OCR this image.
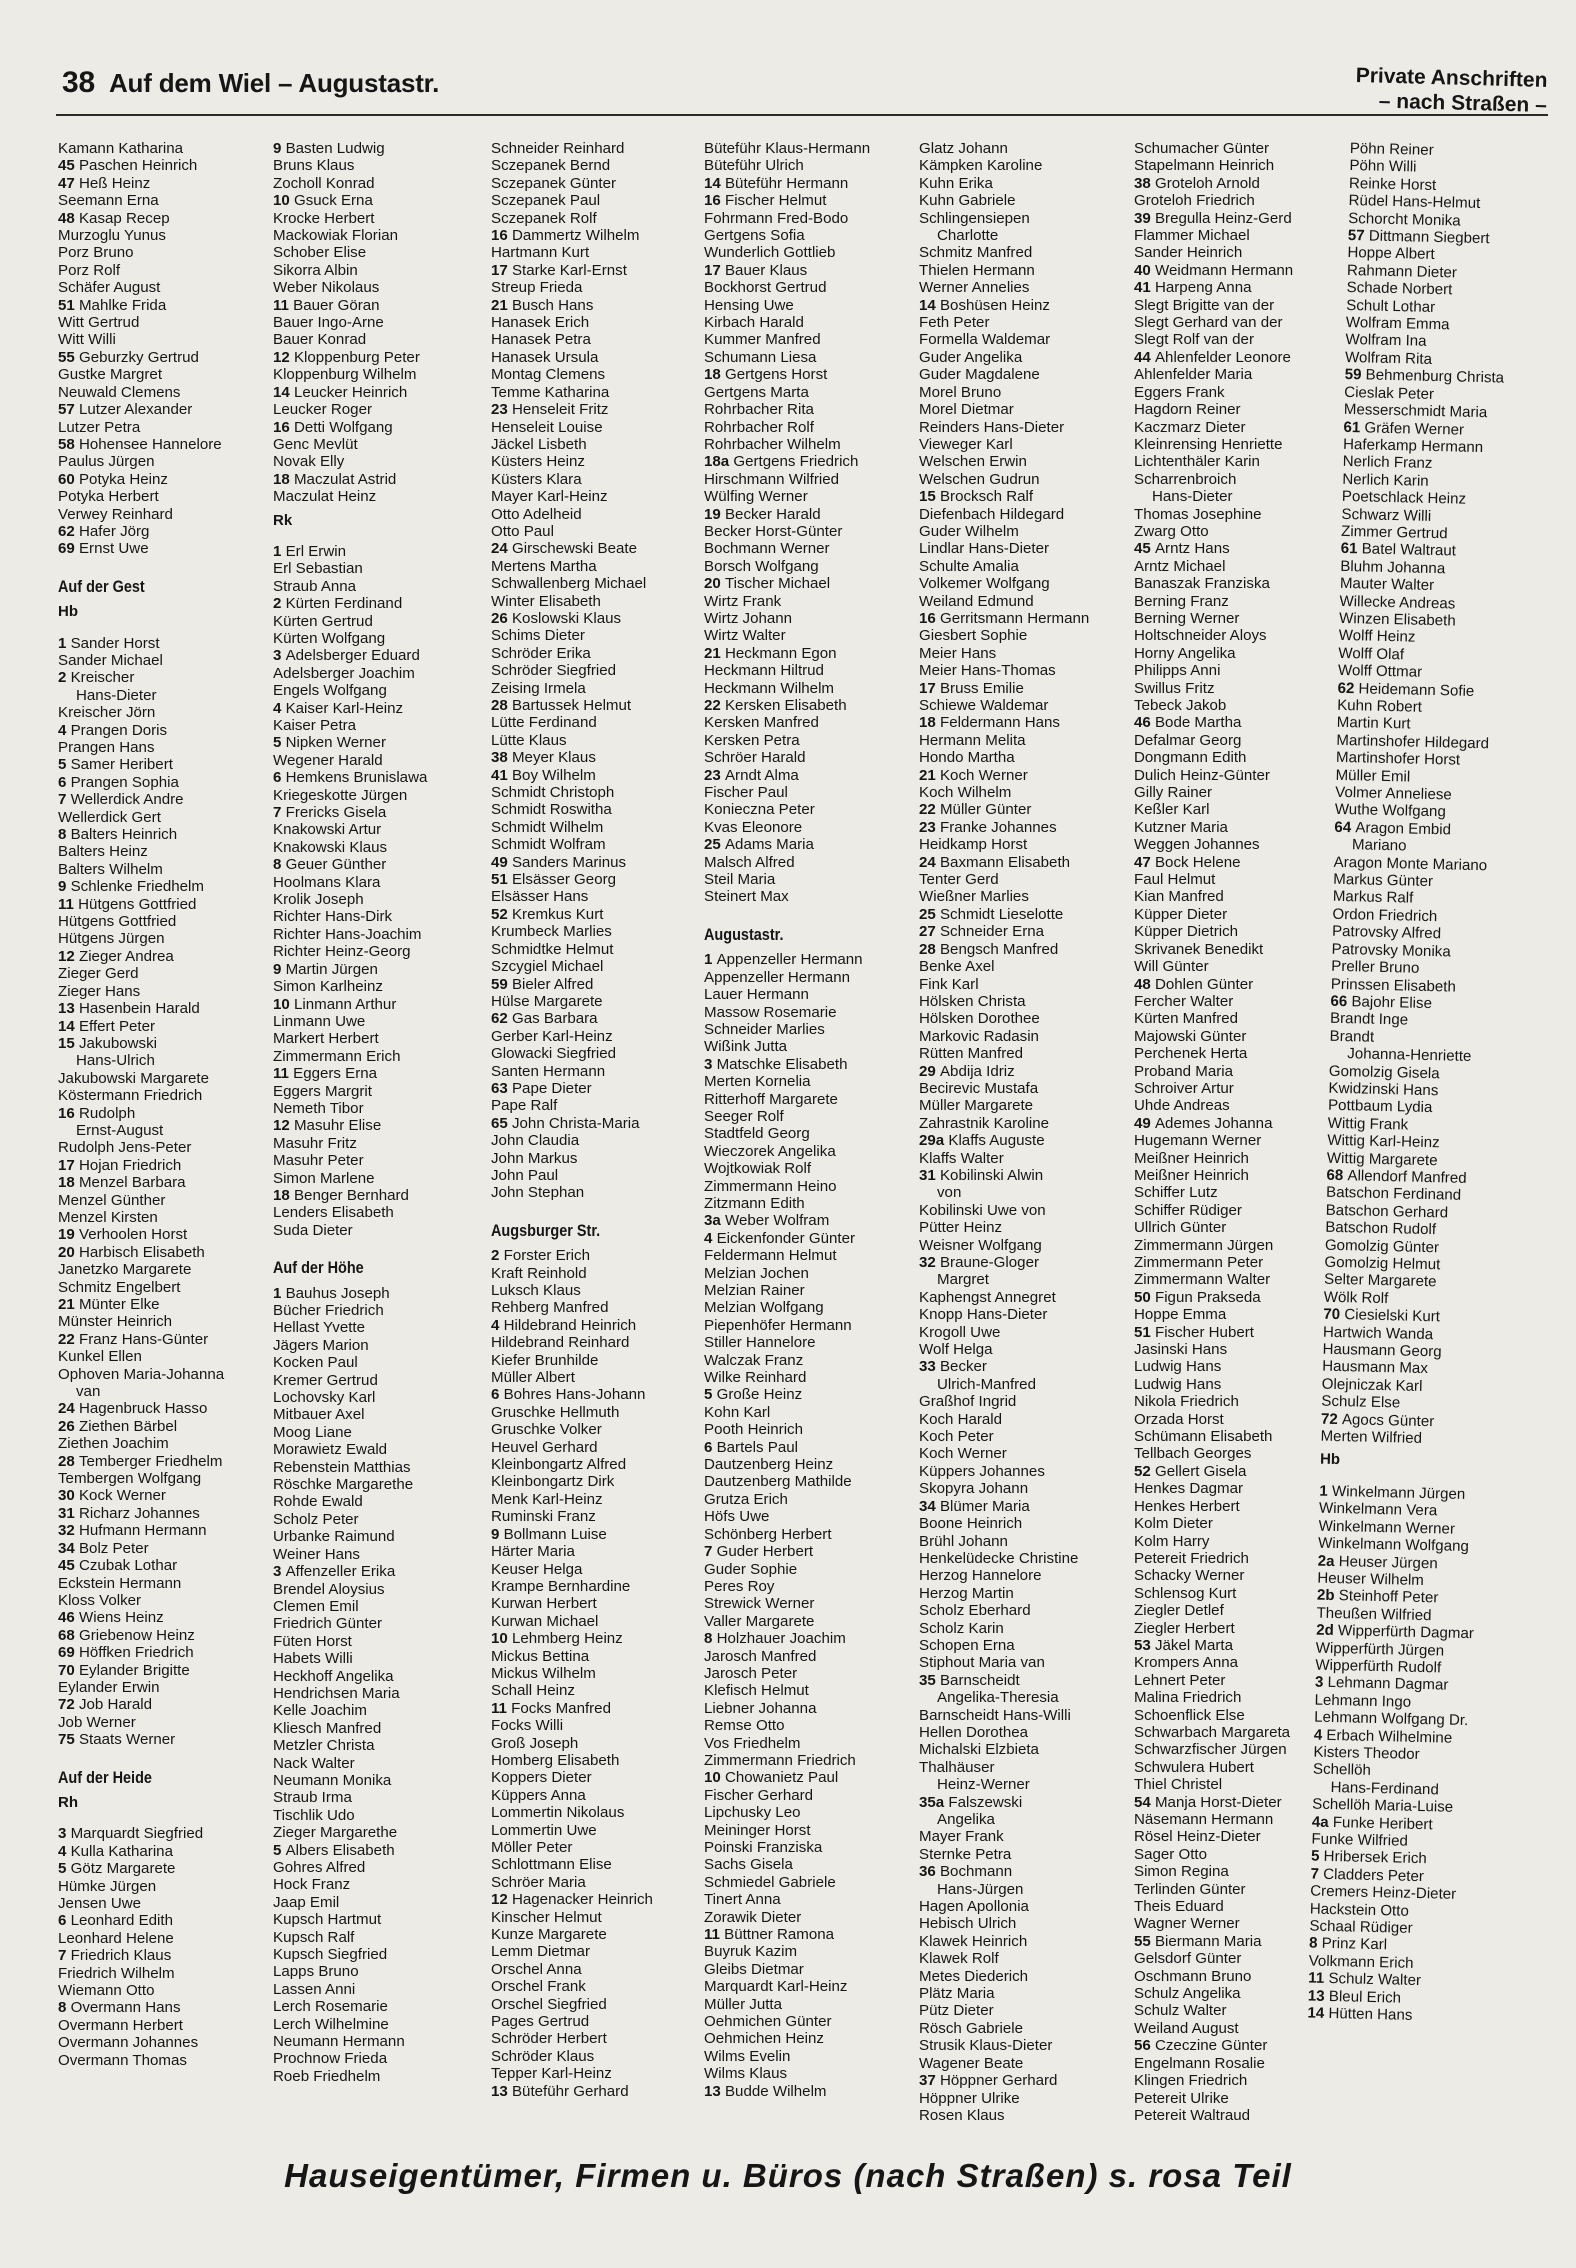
38 Auf dem Wiel – Augustastr.	Private Anschriften
– nach Straßen –
Kamann Katharina
45 Paschen Heinrich
47 Heß Heinz
Seemann Erna
48 Kasap Recep
Murzoglu Yunus
Porz Bruno
Porz Rolf
Schäfer August
51 Mahlke Frida
Witt Gertrud
Witt Willi
55 Geburzky Gertrud
Gustke Margret
Neuwald Clemens
57 Lutzer Alexander
Lutzer Petra
58 Hohensee Hannelore
Paulus Jürgen
60 Potyka Heinz
Potyka Herbert
Verwey Reinhard
62 Hafer Jörg
69 Ernst Uwe
Auf der Gest
Hb
1 Sander Horst
Sander Michael
2 Kreischer
Hans-Dieter
Kreischer Jörn
4 Prangen Doris
Prangen Hans
5 Samer Heribert
6 Prangen Sophia
7 Wellerdick Andre
Wellerdick Gert
8 Balters Heinrich
Balters Heinz
Balters Wilhelm
9 Schlenke Friedhelm
11 Hütgens Gottfried
Hütgens Gottfried
Hütgens Jürgen
12 Zieger Andrea
Zieger Gerd
Zieger Hans
13 Hasenbein Harald
14 Effert Peter
15 Jakubowski
Hans-Ulrich
Jakubowski Margarete
Köstermann Friedrich
16 Rudolph
Ernst-August
Rudolph Jens-Peter
17 Hojan Friedrich
18 Menzel Barbara
Menzel Günther
Menzel Kirsten
19 Verhoolen Horst
20 Harbisch Elisabeth
Janetzko Margarete
Schmitz Engelbert
21 Münter Elke
Münster Heinrich
22 Franz Hans-Günter
Kunkel Ellen
Ophoven Maria-Johanna
van
24 Hagenbruck Hasso
26 Ziethen Bärbel
Ziethen Joachim
28 Temberger Friedhelm
Tembergen Wolfgang
30 Kock Werner
31 Richarz Johannes
32 Hufmann Hermann
34 Bolz Peter
45 Czubak Lothar
Eckstein Hermann
Kloss Volker
46 Wiens Heinz
68 Griebenow Heinz
69 Höffken Friedrich
70 Eylander Brigitte
Eylander Erwin
72 Job Harald
Job Werner
75 Staats Werner
Auf der Heide
Rh
3 Marquardt Siegfried
4 Kulla Katharina
5 Götz Margarete
Hümke Jürgen
Jensen Uwe
6 Leonhard Edith
Leonhard Helene
7 Friedrich Klaus
Friedrich Wilhelm
Wiemann Otto
8 Overmann Hans
Overmann Herbert
Overmann Johannes
Overmann Thomas
9 Basten Ludwig
Bruns Klaus
Zocholl Konrad
10 Gsuck Erna
Krocke Herbert
Mackowiak Florian
Schober Elise
Sikorra Albin
Weber Nikolaus
11 Bauer Göran
Bauer Ingo-Arne
Bauer Konrad
12 Kloppenburg Peter
Kloppenburg Wilhelm
14 Leucker Heinrich
Leucker Roger
16 Detti Wolfgang
Genc Mevlüt
Novak Elly
18 Maczulat Astrid
Maczulat Heinz
Rk
1 Erl Erwin
Erl Sebastian
Straub Anna
2 Kürten Ferdinand
Kürten Gertrud
Kürten Wolfgang
3 Adelsberger Eduard
Adelsberger Joachim
Engels Wolfgang
4 Kaiser Karl-Heinz
Kaiser Petra
5 Nipken Werner
Wegener Harald
6 Hemkens Brunislawa
Kriegeskotte Jürgen
7 Frericks Gisela
Knakowski Artur
Knakowski Klaus
8 Geuer Günther
Hoolmans Klara
Krolik Joseph
Richter Hans-Dirk
Richter Hans-Joachim
Richter Heinz-Georg
9 Martin Jürgen
Simon Karlheinz
10 Linmann Arthur
Linmann Uwe
Markert Herbert
Zimmermann Erich
11 Eggers Erna
Eggers Margrit
Nemeth Tibor
12 Masuhr Elise
Masuhr Fritz
Masuhr Peter
Simon Marlene
18 Benger Bernhard
Lenders Elisabeth
Suda Dieter
Auf der Höhe
1 Bauhus Joseph
Bücher Friedrich
Hellast Yvette
Jägers Marion
Kocken Paul
Kremer Gertrud
Lochovsky Karl
Mitbauer Axel
Moog Liane
Morawietz Ewald
Rebenstein Matthias
Röschke Margarethe
Rohde Ewald
Scholz Peter
Urbanke Raimund
Weiner Hans
3 Affenzeller Erika
Brendel Aloysius
Clemen Emil
Friedrich Günter
Füten Horst
Habets Willi
Heckhoff Angelika
Hendrichsen Maria
Kelle Joachim
Kliesch Manfred
Metzler Christa
Nack Walter
Neumann Monika
Straub Irma
Tischlik Udo
Zieger Margarethe
5 Albers Elisabeth
Gohres Alfred
Hock Franz
Jaap Emil
Kupsch Hartmut
Kupsch Ralf
Kupsch Siegfried
Lapps Bruno
Lassen Anni
Lerch Rosemarie
Lerch Wilhelmine
Neumann Hermann
Prochnow Frieda
Roeb Friedhelm
Schneider Reinhard
Sczepanek Bernd
Sczepanek Günter
Sczepanek Paul
Sczepanek Rolf
16 Dammertz Wilhelm
Hartmann Kurt
17 Starke Karl-Ernst
Streup Frieda
21 Busch Hans
Hanasek Erich
Hanasek Petra
Hanasek Ursula
Montag Clemens
Temme Katharina
23 Henseleit Fritz
Henseleit Louise
Jäckel Lisbeth
Küsters Heinz
Küsters Klara
Mayer Karl-Heinz
Otto Adelheid
Otto Paul
24 Girschewski Beate
Mertens Martha
Schwallenberg Michael
Winter Elisabeth
26 Koslowski Klaus
Schims Dieter
Schröder Erika
Schröder Siegfried
Zeising Irmela
28 Bartussek Helmut
Lütte Ferdinand
Lütte Klaus
38 Meyer Klaus
41 Boy Wilhelm
Schmidt Christoph
Schmidt Roswitha
Schmidt Wilhelm
Schmidt Wolfram
49 Sanders Marinus
51 Elsässer Georg
Elsässer Hans
52 Kremkus Kurt
Krumbeck Marlies
Schmidtke Helmut
Szcygiel Michael
59 Bieler Alfred
Hülse Margarete
62 Gas Barbara
Gerber Karl-Heinz
Glowacki Siegfried
Santen Hermann
63 Pape Dieter
Pape Ralf
65 John Christa-Maria
John Claudia
John Markus
John Paul
John Stephan
Augsburger Str.
2 Forster Erich
Kraft Reinhold
Luksch Klaus
Rehberg Manfred
4 Hildebrand Heinrich
Hildebrand Reinhard
Kiefer Brunhilde
Müller Albert
6 Bohres Hans-Johann
Gruschke Hellmuth
Gruschke Volker
Heuvel Gerhard
Kleinbongartz Alfred
Kleinbongartz Dirk
Menk Karl-Heinz
Ruminski Franz
9 Bollmann Luise
Härter Maria
Keuser Helga
Krampe Bernhardine
Kurwan Herbert
Kurwan Michael
10 Lehmberg Heinz
Mickus Bettina
Mickus Wilhelm
Schall Heinz
11 Focks Manfred
Focks Willi
Groß Joseph
Homberg Elisabeth
Koppers Dieter
Küppers Anna
Lommertin Nikolaus
Lommertin Uwe
Möller Peter
Schlottmann Elise
Schröer Maria
12 Hagenacker Heinrich
Kinscher Helmut
Kunze Margarete
Lemm Dietmar
Orschel Anna
Orschel Frank
Orschel Siegfried
Pages Gertrud
Schröder Herbert
Schröder Klaus
Tepper Karl-Heinz
13 Büteführ Gerhard
Büteführ Klaus-Hermann
Büteführ Ulrich
14 Büteführ Hermann
16 Fischer Helmut
Fohrmann Fred-Bodo
Gertgens Sofia
Wunderlich Gottlieb
17 Bauer Klaus
Bockhorst Gertrud
Hensing Uwe
Kirbach Harald
Kummer Manfred
Schumann Liesa
18 Gertgens Horst
Gertgens Marta
Rohrbacher Rita
Rohrbacher Rolf
Rohrbacher Wilhelm
18a Gertgens Friedrich
Hirschmann Wilfried
Wülfing Werner
19 Becker Harald
Becker Horst-Günter
Bochmann Werner
Borsch Wolfgang
20 Tischer Michael
Wirtz Frank
Wirtz Johann
Wirtz Walter
21 Heckmann Egon
Heckmann Hiltrud
Heckmann Wilhelm
22 Kersken Elisabeth
Kersken Manfred
Kersken Petra
Schröer Harald
23 Arndt Alma
Fischer Paul
Konieczna Peter
Kvas Eleonore
25 Adams Maria
Malsch Alfred
Steil Maria
Steinert Max
Augustastr.
1 Appenzeller Hermann
Appenzeller Hermann
Lauer Hermann
Massow Rosemarie
Schneider Marlies
Wißink Jutta
3 Matschke Elisabeth
Merten Kornelia
Ritterhoff Margarete
Seeger Rolf
Stadtfeld Georg
Wieczorek Angelika
Wojtkowiak Rolf
Zimmermann Heino
Zitzmann Edith
3a Weber Wolfram
4 Eickenfonder Günter
Feldermann Helmut
Melzian Jochen
Melzian Rainer
Melzian Wolfgang
Piepenhöfer Hermann
Stiller Hannelore
Walczak Franz
Wilke Reinhard
5 Große Heinz
Kohn Karl
Pooth Heinrich
6 Bartels Paul
Dautzenberg Heinz
Dautzenberg Mathilde
Grutza Erich
Höfs Uwe
Schönberg Herbert
7 Guder Herbert
Guder Sophie
Peres Roy
Strewick Werner
Valler Margarete
8 Holzhauer Joachim
Jarosch Manfred
Jarosch Peter
Klefisch Helmut
Liebner Johanna
Remse Otto
Vos Friedhelm
Zimmermann Friedrich
10 Chowanietz Paul
Fischer Gerhard
Lipchusky Leo
Meininger Horst
Poinski Franziska
Sachs Gisela
Schmiedel Gabriele
Tinert Anna
Zorawik Dieter
11 Büttner Ramona
Buyruk Kazim
Gleibs Dietmar
Marquardt Karl-Heinz
Müller Jutta
Oehmichen Günter
Oehmichen Heinz
Wilms Evelin
Wilms Klaus
13 Budde Wilhelm
Glatz Johann
Kämpken Karoline
Kuhn Erika
Kuhn Gabriele
Schlingensiepen
Charlotte
Schmitz Manfred
Thielen Hermann
Werner Annelies
14 Boshüsen Heinz
Feth Peter
Formella Waldemar
Guder Angelika
Guder Magdalene
Morel Bruno
Morel Dietmar
Reinders Hans-Dieter
Vieweger Karl
Welschen Erwin
Welschen Gudrun
15 Brocksch Ralf
Diefenbach Hildegard
Guder Wilhelm
Lindlar Hans-Dieter
Schulte Amalia
Volkemer Wolfgang
Weiland Edmund
16 Gerritsmann Hermann
Giesbert Sophie
Meier Hans
Meier Hans-Thomas
17 Bruss Emilie
Schiewe Waldemar
18 Feldermann Hans
Hermann Melita
Hondo Martha
21 Koch Werner
Koch Wilhelm
22 Müller Günter
23 Franke Johannes
Heidkamp Horst
24 Baxmann Elisabeth
Tenter Gerd
Wießner Marlies
25 Schmidt Lieselotte
27 Schneider Erna
28 Bengsch Manfred
Benke Axel
Fink Karl
Hölsken Christa
Hölsken Dorothee
Markovic Radasin
Rütten Manfred
29 Abdija Idriz
Becirevic Mustafa
Müller Margarete
Zahrastnik Karoline
29a Klaffs Auguste
Klaffs Walter
31 Kobilinski Alwin
von
Kobilinski Uwe von
Pütter Heinz
Weisner Wolfgang
32 Braune-Gloger
Margret
Kaphengst Annegret
Knopp Hans-Dieter
Krogoll Uwe
Wolf Helga
33 Becker
Ulrich-Manfred
Graßhof Ingrid
Koch Harald
Koch Peter
Koch Werner
Küppers Johannes
Skopyra Johann
34 Blümer Maria
Boone Heinrich
Brühl Johann
Henkelüdecke Christine
Herzog Hannelore
Herzog Martin
Scholz Eberhard
Scholz Karin
Schopen Erna
Stiphout Maria van
35 Barnscheidt
Angelika-Theresia
Barnscheidt Hans-Willi
Hellen Dorothea
Michalski Elzbieta
Thalhäuser
Heinz-Werner
35a Falszewski
Angelika
Mayer Frank
Sternke Petra
36 Bochmann
Hans-Jürgen
Hagen Apollonia
Hebisch Ulrich
Klawek Heinrich
Klawek Rolf
Metes Diederich
Plätz Maria
Pütz Dieter
Rösch Gabriele
Strusik Klaus-Dieter
Wagener Beate
37 Höppner Gerhard
Höppner Ulrike
Rosen Klaus
Schumacher Günter
Stapelmann Heinrich
38 Groteloh Arnold
Groteloh Friedrich
39 Bregulla Heinz-Gerd
Flammer Michael
Sander Heinrich
40 Weidmann Hermann
41 Harpeng Anna
Slegt Brigitte van der
Slegt Gerhard van der
Slegt Rolf van der
44 Ahlenfelder Leonore
Ahlenfelder Maria
Eggers Frank
Hagdorn Reiner
Kaczmarz Dieter
Kleinrensing Henriette
Lichtenthäler Karin
Scharrenbroich
Hans-Dieter
Thomas Josephine
Zwarg Otto
45 Arntz Hans
Arntz Michael
Banaszak Franziska
Berning Franz
Berning Werner
Holtschneider Aloys
Horny Angelika
Philipps Anni
Swillus Fritz
Tebeck Jakob
46 Bode Martha
Defalmar Georg
Dongmann Edith
Dulich Heinz-Günter
Gilly Rainer
Keßler Karl
Kutzner Maria
Weggen Johannes
47 Bock Helene
Faul Helmut
Kian Manfred
Küpper Dieter
Küpper Dietrich
Skrivanek Benedikt
Will Günter
48 Dohlen Günter
Fercher Walter
Kürten Manfred
Majowski Günter
Perchenek Herta
Proband Maria
Schroiver Artur
Uhde Andreas
49 Ademes Johanna
Hugemann Werner
Meißner Heinrich
Meißner Heinrich
Schiffer Lutz
Schiffer Rüdiger
Ullrich Günter
Zimmermann Jürgen
Zimmermann Peter
Zimmermann Walter
50 Figun Prakseda
Hoppe Emma
51 Fischer Hubert
Jasinski Hans
Ludwig Hans
Ludwig Hans
Nikola Friedrich
Orzada Horst
Schümann Elisabeth
Tellbach Georges
52 Gellert Gisela
Henkes Dagmar
Henkes Herbert
Kolm Dieter
Kolm Harry
Petereit Friedrich
Schacky Werner
Schlensog Kurt
Ziegler Detlef
Ziegler Herbert
53 Jäkel Marta
Krompers Anna
Lehnert Peter
Malina Friedrich
Schoenflick Else
Schwarbach Margareta
Schwarzfischer Jürgen
Schwulera Hubert
Thiel Christel
54 Manja Horst-Dieter
Näsemann Hermann
Rösel Heinz-Dieter
Sager Otto
Simon Regina
Terlinden Günter
Theis Eduard
Wagner Werner
55 Biermann Maria
Gelsdorf Günter
Oschmann Bruno
Schulz Angelika
Schulz Walter
Weiland August
56 Czeczine Günter
Engelmann Rosalie
Klingen Friedrich
Petereit Ulrike
Petereit Waltraud
Pöhn Reiner
Pöhn Willi
Reinke Horst
Rüdel Hans-Helmut
Schorcht Monika
57 Dittmann Siegbert
Hoppe Albert
Rahmann Dieter
Schade Norbert
Schult Lothar
Wolfram Emma
Wolfram Ina
Wolfram Rita
59 Behmenburg Christa
Cieslak Peter
Messerschmidt Maria
61 Gräfen Werner
Haferkamp Hermann
Nerlich Franz
Nerlich Karin
Poetschlack Heinz
Schwarz Willi
Zimmer Gertrud
61 Batel Waltraut
Bluhm Johanna
Mauter Walter
Willecke Andreas
Winzen Elisabeth
Wolff Heinz
Wolff Olaf
Wolff Ottmar
62 Heidemann Sofie
Kuhn Robert
Martin Kurt
Martinshofer Hildegard
Martinshofer Horst
Müller Emil
Volmer Anneliese
Wuthe Wolfgang
64 Aragon Embid
Mariano
Aragon Monte Mariano
Markus Günter
Markus Ralf
Ordon Friedrich
Patrovsky Alfred
Patrovsky Monika
Preller Bruno
Prinssen Elisabeth
66 Bajohr Elise
Brandt Inge
Brandt
Johanna-Henriette
Gomolzig Gisela
Kwidzinski Hans
Pottbaum Lydia
Wittig Frank
Wittig Karl-Heinz
Wittig Margarete
68 Allendorf Manfred
Batschon Ferdinand
Batschon Gerhard
Batschon Rudolf
Gomolzig Günter
Gomolzig Helmut
Selter Margarete
Wölk Rolf
70 Ciesielski Kurt
Hartwich Wanda
Hausmann Georg
Hausmann Max
Olejniczak Karl
Schulz Else
72 Agocs Günter
Merten Wilfried
Hb
1 Winkelmann Jürgen
Winkelmann Vera
Winkelmann Werner
Winkelmann Wolfgang
2a Heuser Jürgen
Heuser Wilhelm
2b Steinhoff Peter
Theußen Wilfried
2d Wipperfürth Dagmar
Wipperfürth Jürgen
Wipperfürth Rudolf
3 Lehmann Dagmar
Lehmann Ingo
Lehmann Wolfgang Dr.
4 Erbach Wilhelmine
Kisters Theodor
Schellöh
Hans-Ferdinand
Schellöh Maria-Luise
4a Funke Heribert
Funke Wilfried
5 Hribersek Erich
7 Cladders Peter
Cremers Heinz-Dieter
Hackstein Otto
Schaal Rüdiger
8 Prinz Karl
Volkmann Erich
11 Schulz Walter
13 Bleul Erich
14 Hütten Hans
Hauseigentümer, Firmen u. Büros (nach Straßen) s. rosa Teil
